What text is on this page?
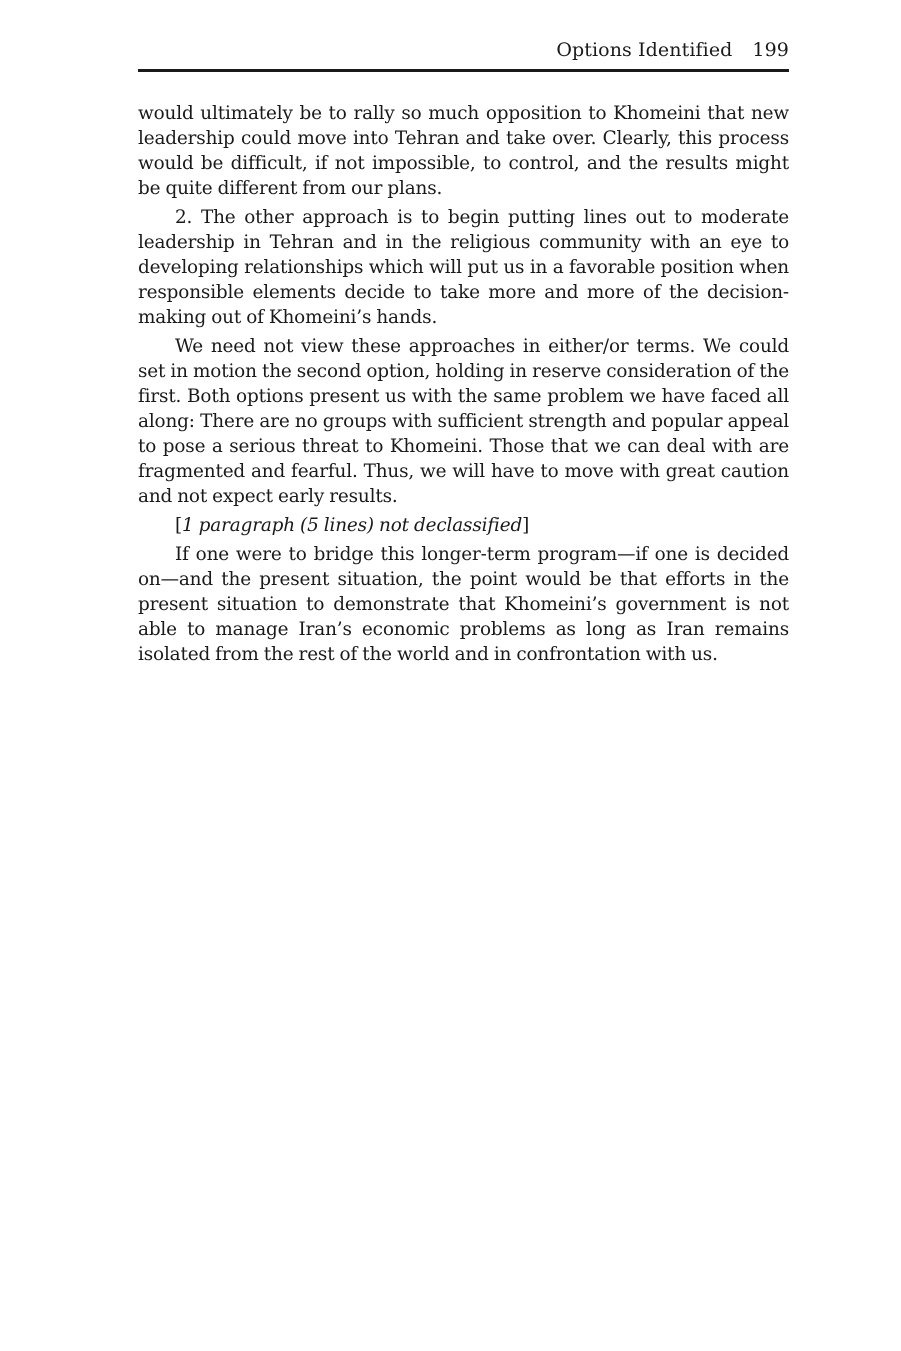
Options Identified 199

would ultimately be to rally so much opposition to Khomeini that new leadership could move into Tehran and take over. Clearly, this process would be difficult, if not impossible, to control, and the results might be quite different from our plans.

2. The other approach is to begin putting lines out to moderate leadership in Tehran and in the religious community with an eye to developing relationships which will put us in a favorable position when responsible elements decide to take more and more of the decision-making out of Khomeini’s hands.

We need not view these approaches in either/or terms. We could set in motion the second option, holding in reserve consideration of the first. Both options present us with the same problem we have faced all along: There are no groups with sufficient strength and popular appeal to pose a serious threat to Khomeini. Those that we can deal with are fragmented and fearful. Thus, we will have to move with great caution and not expect early results.

[1 paragraph (5 lines) not declassified]

If one were to bridge this longer-term program—if one is decided on—and the present situation, the point would be that efforts in the present situation to demonstrate that Khomeini’s government is not able to manage Iran’s economic problems as long as Iran remains isolated from the rest of the world and in confrontation with us.
